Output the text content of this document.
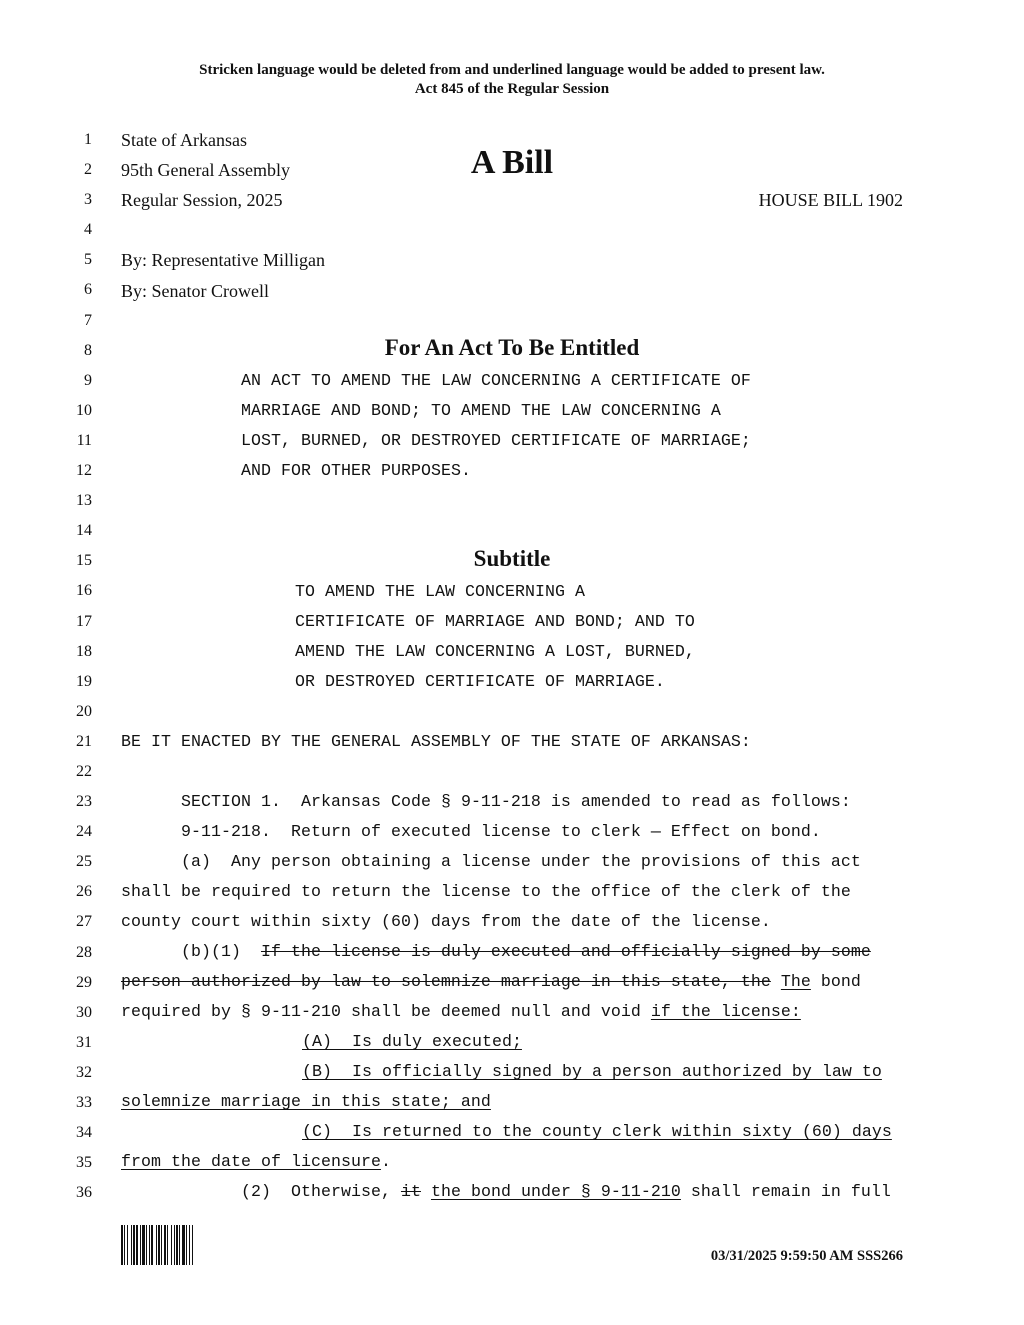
Stricken language would be deleted from and underlined language would be added to present law.
Act 845 of the Regular Session
1
2
3
4
5
6
7
8
9
10
11
12
13
14
15
16
17
18
19
20
21
22
23
24
25
26
27
28
29
30
31
32
33
34
35
36
State of Arkansas
95th General Assembly
Regular Session, 2025
A Bill
HOUSE BILL 1902
By: Representative Milligan
By: Senator Crowell
For An Act To Be Entitled
AN ACT TO AMEND THE LAW CONCERNING A CERTIFICATE OF
MARRIAGE AND BOND; TO AMEND THE LAW CONCERNING A
LOST, BURNED, OR DESTROYED CERTIFICATE OF MARRIAGE;
AND FOR OTHER PURPOSES.
Subtitle
TO AMEND THE LAW CONCERNING A
CERTIFICATE OF MARRIAGE AND BOND; AND TO
AMEND THE LAW CONCERNING A LOST, BURNED,
OR DESTROYED CERTIFICATE OF MARRIAGE.
BE IT ENACTED BY THE GENERAL ASSEMBLY OF THE STATE OF ARKANSAS:
SECTION 1.  Arkansas Code § 9-11-218 is amended to read as follows:
9-11-218.  Return of executed license to clerk — Effect on bond.
(a)  Any person obtaining a license under the provisions of this act
shall be required to return the license to the office of the clerk of the
county court within sixty (60) days from the date of the license.
(b)(1)  If the license is duly executed and officially signed by some
person authorized by law to solemnize marriage in this state, the The bond
required by § 9-11-210 shall be deemed null and void if the license:
(A)  Is duly executed;
(B)  Is officially signed by a person authorized by law to
solemnize marriage in this state; and
(C)  Is returned to the county clerk within sixty (60) days
from the date of licensure.
(2)  Otherwise, it the bond under § 9-11-210 shall remain in full
03/31/2025 9:59:50 AM SSS266
